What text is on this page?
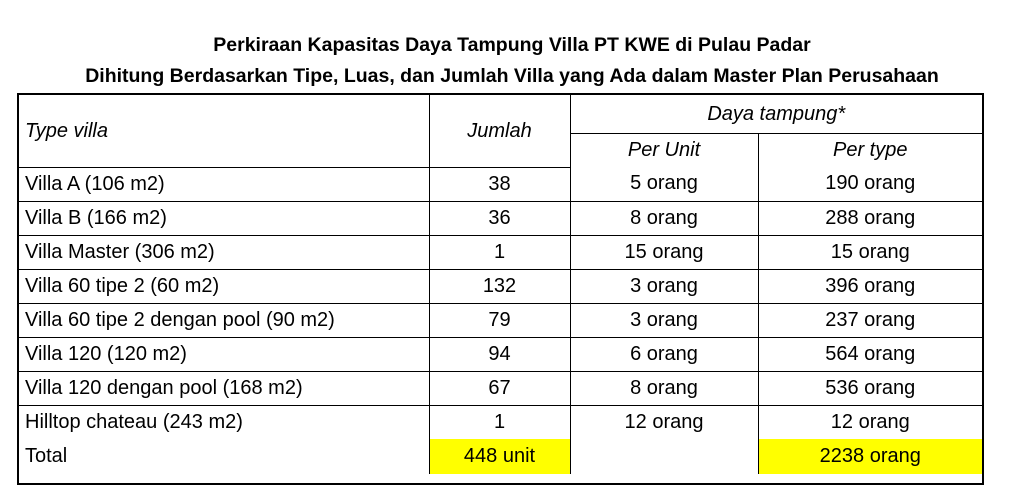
Perkiraan Kapasitas Daya Tampung Villa PT KWE di Pulau Padar
Dihitung Berdasarkan Tipe, Luas, dan Jumlah Villa yang Ada dalam Master Plan Perusahaan
Type villa	Jumlah	Daya tampung*	
		Per Unit	Per type
Villa A (106 m2)	38	5 orang	190 orang
Villa B (166 m2)	36	8 orang	288 orang
Villa Master (306 m2)	1	15 orang	15 orang
Villa 60 tipe 2 (60 m2)	132	3 orang	396 orang
Villa 60 tipe 2 dengan pool (90 m2)	79	3 orang	237 orang
Villa 120 (120 m2)	94	6 orang	564 orang
Villa 120 dengan pool (168 m2)	67	8 orang	536 orang
Hilltop chateau (243 m2)	1	12 orang	12 orang
Total	448 unit		2238 orang
